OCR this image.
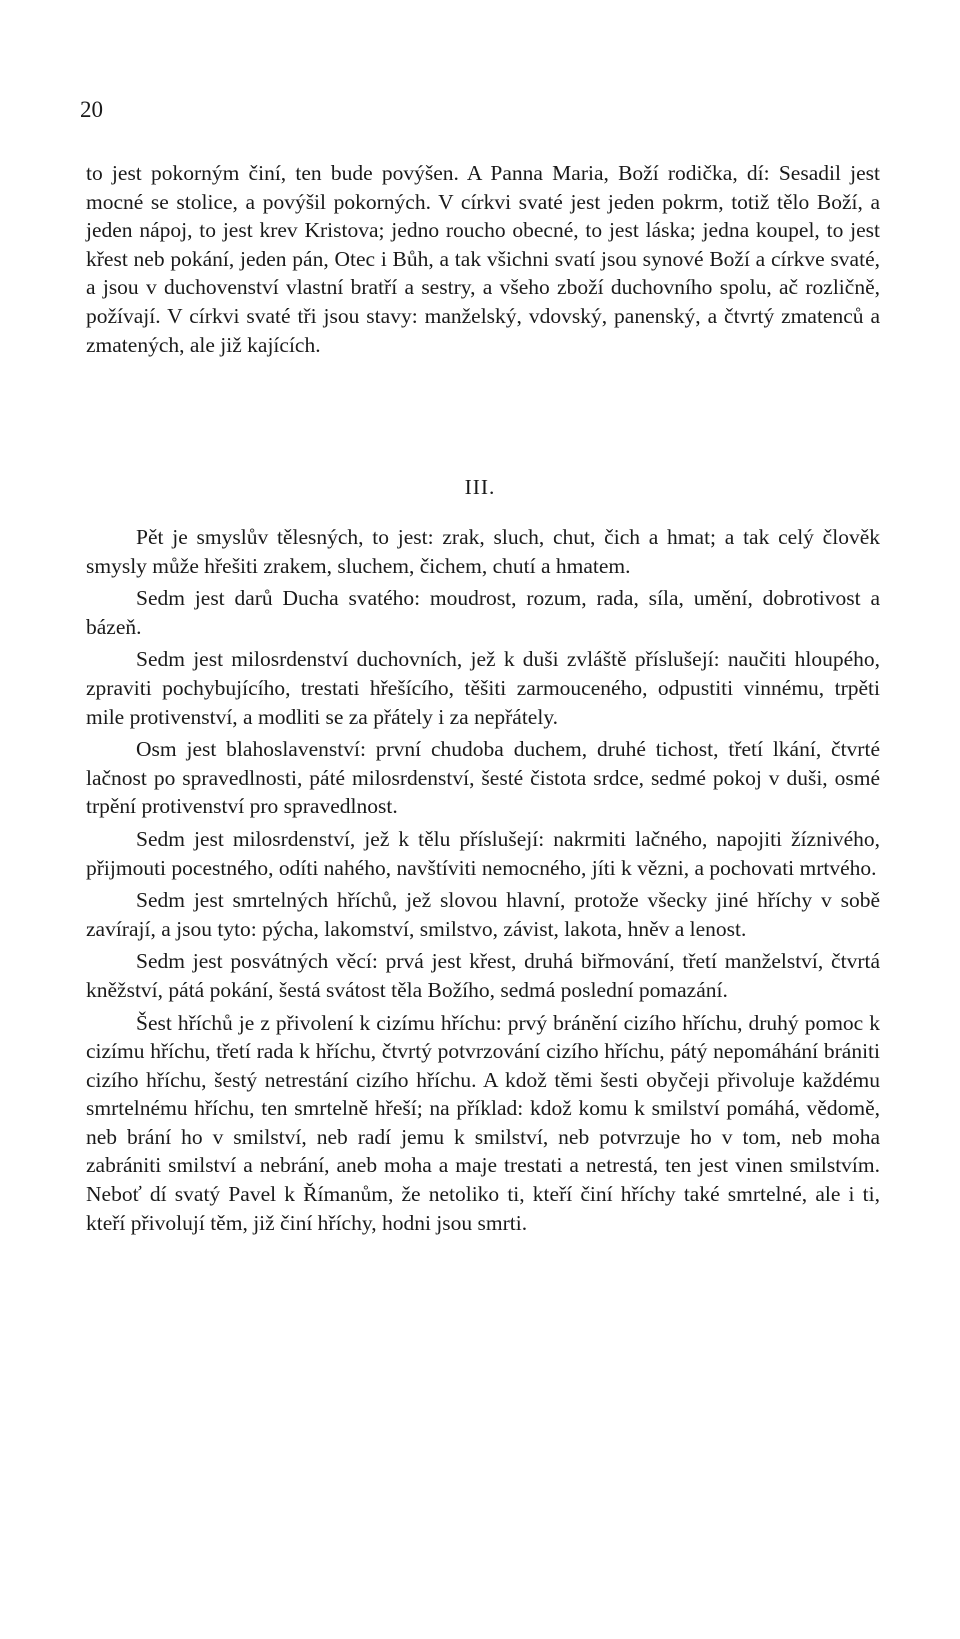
20

to jest pokorným činí, ten bude povýšen. A Panna Maria, Boží rodička, dí: Sesadil jest mocné se stolice, a povýšil pokorných. V církvi svaté jest jeden pokrm, totiž tělo Boží, a jeden nápoj, to jest krev Kristova; jedno roucho obecné, to jest láska; jedna koupel, to jest křest neb pokání, jeden pán, Otec i Bůh, a tak všichni svatí jsou synové Boží a církve svaté, a jsou v duchovenství vlastní bratří a sestry, a všeho zboží duchovního spolu, ač rozličně, požívají. V církvi svaté tři jsou stavy: manželský, vdovský, panenský, a čtvrtý zmatenců a zmatených, ale již kajících.

III.

Pět je smyslův tělesných, to jest: zrak, sluch, chut, čich a hmat; a tak celý člověk smysly může hřešiti zrakem, sluchem, čichem, chutí a hmatem.

Sedm jest darů Ducha svatého: moudrost, rozum, rada, síla, umění, dobrotivost a bázeň.

Sedm jest milosrdenství duchovních, jež k duši zvláště příslušejí: naučiti hloupého, zpraviti pochybujícího, trestati hřešícího, těšiti zarmouceného, odpustiti vinnému, trpěti mile protivenství, a modliti se za přátely i za nepřátely.

Osm jest blahoslavenství: první chudoba duchem, druhé tichost, třetí lkání, čtvrté lačnost po spravedlnosti, páté milosrdenství, šesté čistota srdce, sedmé pokoj v duši, osmé trpění protivenství pro spravedlnost.

Sedm jest milosrdenství, jež k tělu příslušejí: nakrmiti lačného, napojiti žíznivého, přijmouti pocestného, odíti nahého, navštíviti nemocného, jíti k vězni, a pochovati mrtvého.

Sedm jest smrtelných hříchů, jež slovou hlavní, protože všecky jiné hříchy v sobě zavírají, a jsou tyto: pýcha, lakomství, smilstvo, závist, lakota, hněv a lenost.

Sedm jest posvátných věcí: prvá jest křest, druhá biřmování, třetí manželství, čtvrtá kněžství, pátá pokání, šestá svátost těla Božího, sedmá poslední pomazání.

Šest hříchů je z přivolení k cizímu hříchu: prvý bránění cizího hříchu, druhý pomoc k cizímu hříchu, třetí rada k hříchu, čtvrtý potvrzování cizího hříchu, pátý nepomáhání brániti cizího hříchu, šestý netrestání cizího hříchu. A kdož těmi šesti obyčeji přivoluje každému smrtelnému hříchu, ten smrtelně hřeší; na příklad: kdož komu k smilství pomáhá, vědomě, neb brání ho v smilství, neb radí jemu k smilství, neb potvrzuje ho v tom, neb moha zabrániti smilství a nebrání, aneb moha a maje trestati a netrestá, ten jest vinen smilstvím. Neboť dí svatý Pavel k Římanům, že netoliko ti, kteří činí hříchy také smrtelné, ale i ti, kteří přivolují těm, již činí hříchy, hodni jsou smrti.
